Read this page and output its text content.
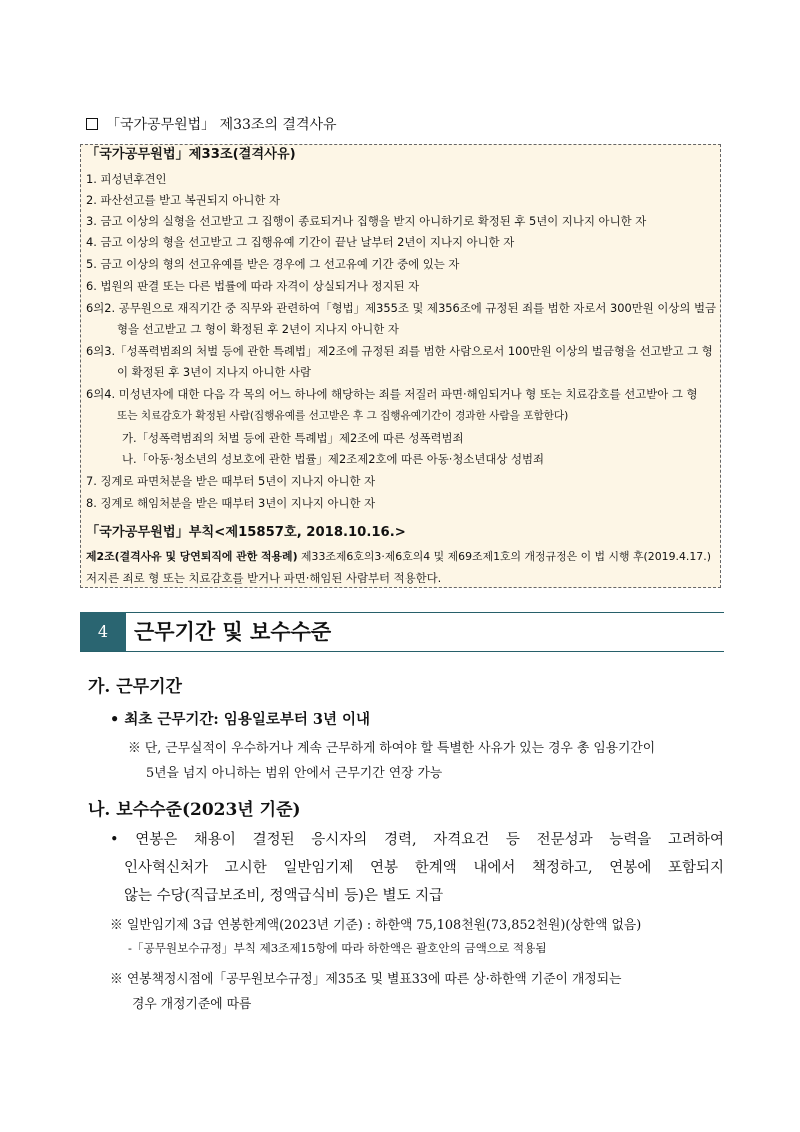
「국가공무원법」 제33조의 결격사유
「국가공무원법」제33조(결격사유)
1. 피성년후견인
2. 파산선고를 받고 복권되지 아니한 자
3. 금고 이상의 실형을 선고받고 그 집행이 종료되거나 집행을 받지 아니하기로 확정된 후 5년이 지나지 아니한 자
4. 금고 이상의 형을 선고받고 그 집행유예 기간이 끝난 날부터 2년이 지나지 아니한 자
5. 금고 이상의 형의 선고유예를 받은 경우에 그 선고유예 기간 중에 있는 자
6. 법원의 판결 또는 다른 법률에 따라 자격이 상실되거나 정지된 자
6의2. 공무원으로 재직기간 중 직무와 관련하여「형법」제355조 및 제356조에 규정된 죄를 범한 자로서 300만원 이상의 벌금
형을 선고받고 그 형이 확정된 후 2년이 지나지 아니한 자
6의3.「성폭력범죄의 처벌 등에 관한 특례법」제2조에 규정된 죄를 범한 사람으로서 100만원 이상의 벌금형을 선고받고 그 형
이 확정된 후 3년이 지나지 아니한 사람
6의4. 미성년자에 대한 다음 각 목의 어느 하나에 해당하는 죄를 저질러 파면·해임되거나 형 또는 치료감호를 선고받아 그 형
또는 치료감호가 확정된 사람(집행유예를 선고받은 후 그 집행유예기간이 경과한 사람을 포함한다)
가.「성폭력범죄의 처벌 등에 관한 특례법」제2조에 따른 성폭력범죄
나.「아동·청소년의 성보호에 관한 법률」제2조제2호에 따른 아동·청소년대상 성범죄
7. 징계로 파면처분을 받은 때부터 5년이 지나지 아니한 자
8. 징계로 해임처분을 받은 때부터 3년이 지나지 아니한 자
「국가공무원법」부칙<제15857호, 2018.10.16.>
제2조(결격사유 및 당연퇴직에 관한 적용례) 제33조제6호의3·제6호의4 및 제69조제1호의 개정규정은 이 법 시행 후(2019.4.17.)
저지른 죄로 형 또는 치료감호를 받거나 파면·해임된 사람부터 적용한다.
4	근무기간 및 보수수준
가. 근무기간
• 최초 근무기간: 임용일로부터 3년 이내
※ 단, 근무실적이 우수하거나 계속 근무하게 하여야 할 특별한 사유가 있는 경우 총 임용기간이
5년을 넘지 아니하는 범위 안에서 근무기간 연장 가능
나. 보수수준(2023년 기준)
• 연봉은 채용이 결정된 응시자의 경력, 자격요건 등 전문성과 능력을 고려하여
인사혁신처가 고시한 일반임기제 연봉 한계액 내에서 책정하고, 연봉에 포함되지
않는 수당(직급보조비, 정액급식비 등)은 별도 지급
※ 일반임기제 3급 연봉한계액(2023년 기준) : 하한액 75,108천원(73,852천원)(상한액 없음)
-「공무원보수규정」부칙 제3조제15항에 따라 하한액은 괄호안의 금액으로 적용됨
※ 연봉책정시점에「공무원보수규정」제35조 및 별표33에 따른 상·하한액 기준이 개정되는
경우 개정기준에 따름
